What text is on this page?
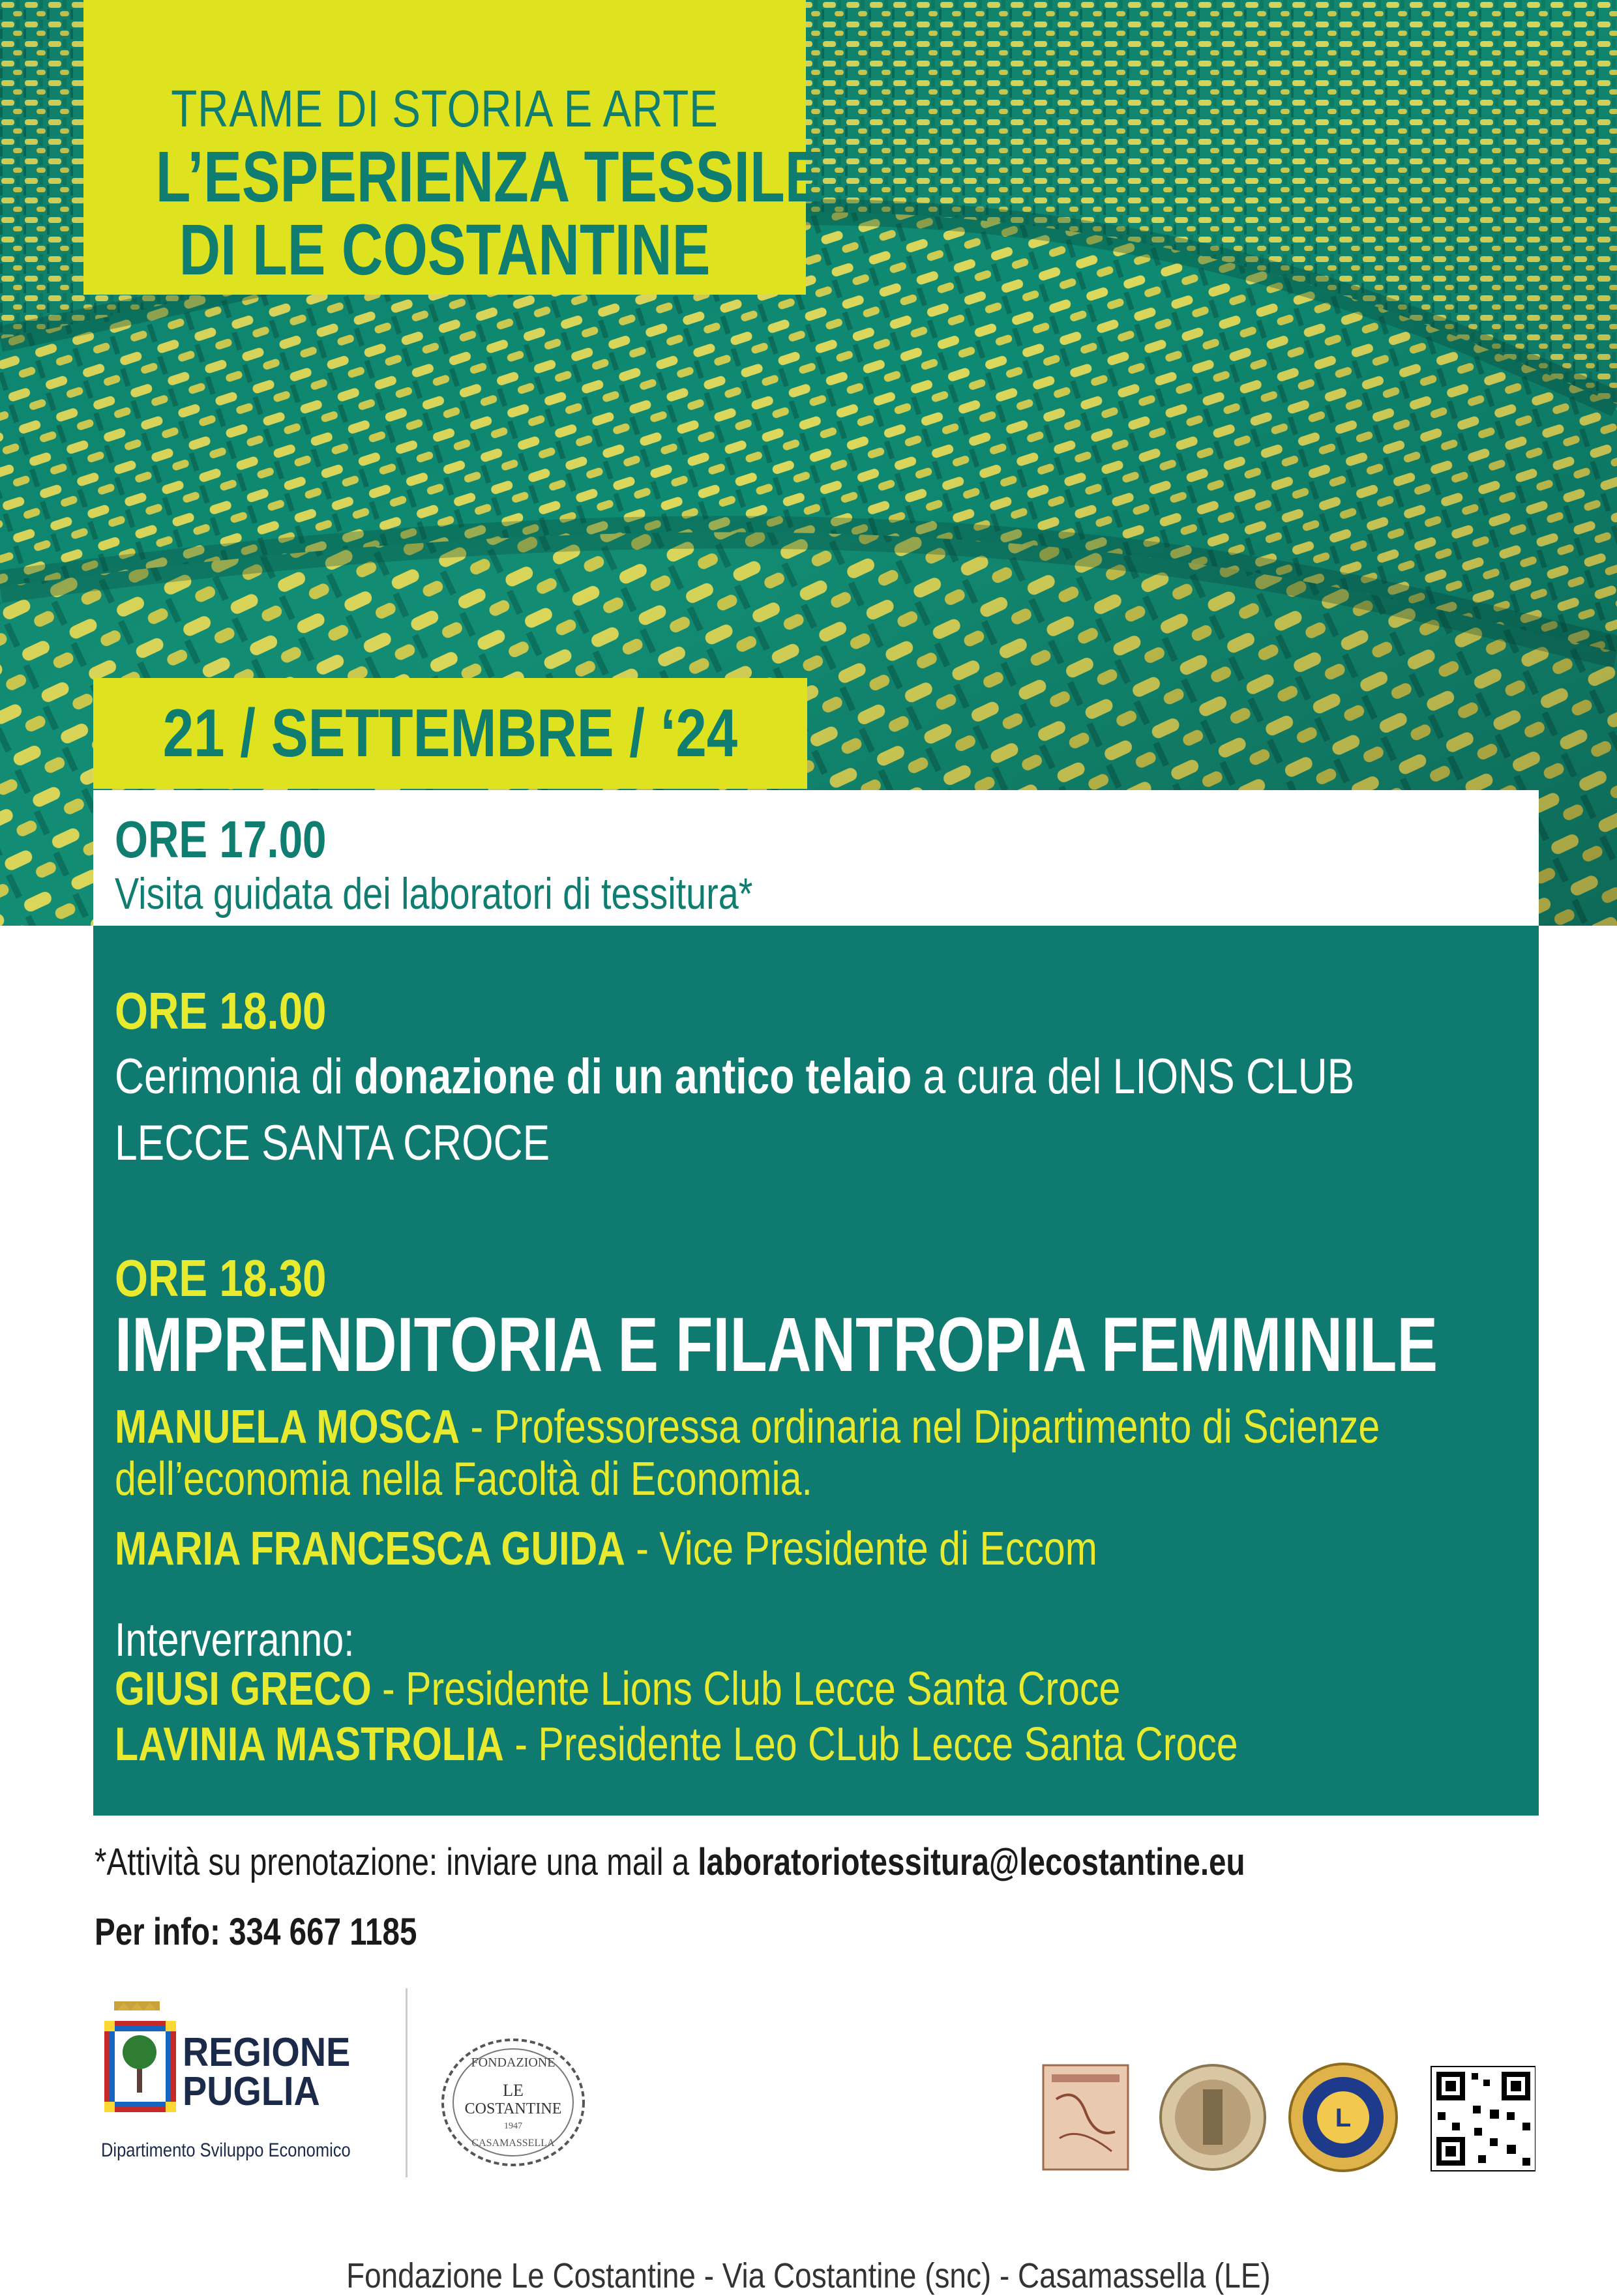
TRAME DI STORIA E ARTE
L’ESPERIENZA TESSILE
DI LE COSTANTINE
21 / SETTEMBRE / ‘24
ORE 17.00
Visita guidata dei laboratori di tessitura*
ORE 18.00
Cerimonia di donazione di un antico telaio a cura del LIONS CLUB
LECCE SANTA CROCE
ORE 18.30
IMPRENDITORIA E FILANTROPIA FEMMINILE
MANUELA MOSCA - Professoressa ordinaria nel Dipartimento di Scienze
dell’economia nella Facoltà di Economia.
MARIA FRANCESCA GUIDA - Vice Presidente di Eccom
Interverranno:
GIUSI GRECO - Presidente Lions Club Lecce Santa Croce
LAVINIA MASTROLIA - Presidente Leo CLub Lecce Santa Croce
*Attività su prenotazione: inviare una mail a laboratoriotessitura@lecostantine.eu
Per info: 334 667 1185
REGIONE
PUGLIA
Dipartimento Sviluppo Economico
FONDAZIONE
LE
COSTANTINE
1947
CASAMASSELLA
L
Fondazione Le Costantine - Via Costantine (snc) - Casamassella (LE)
